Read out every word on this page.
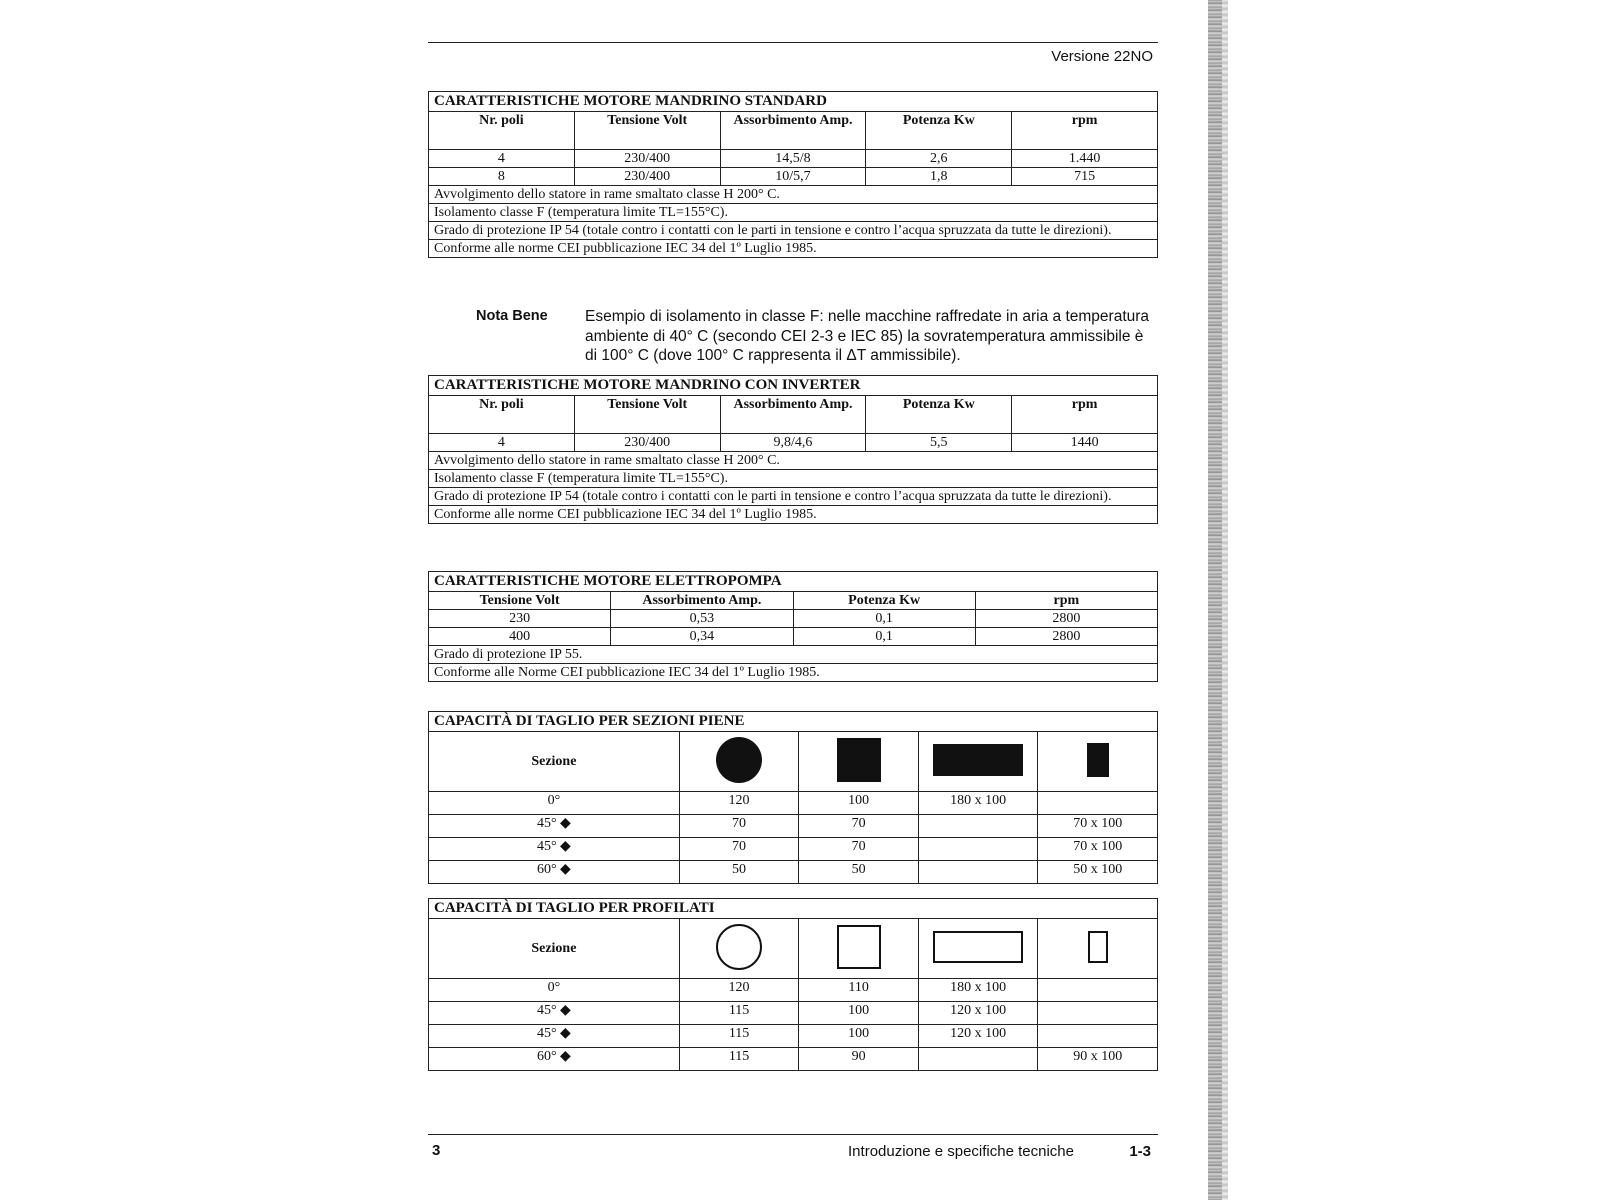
Versione 22NO
CARATTERISTICHE MOTORE MANDRINO STANDARD				
Nr. poli	Tensione Volt	Assorbimento Amp.	Potenza Kw	rpm
4	230/400	14,5/8	2,6	1.440
8	230/400	10/5,7	1,8	715
Avvolgimento dello statore in rame smaltato classe H 200° C.				
Isolamento classe F (temperatura limite TL=155°C).				
Grado di protezione IP 54 (totale contro i contatti con le parti in tensione e contro l’acqua spruzzata da tutte le direzioni).				
Conforme alle norme CEI pubblicazione IEC 34 del 1º Luglio 1985.				
Nota Bene Esempio di isolamento in classe F: nelle macchine raffredate in aria a temperatura ambiente di 40° C (secondo CEI 2-3 e IEC 85) la sovratemperatura ammissibile è di 100° C (dove 100° C rappresenta il ΔT ammissibile).
CARATTERISTICHE MOTORE MANDRINO CON INVERTER				
Nr. poli	Tensione Volt	Assorbimento Amp.	Potenza Kw	rpm
4	230/400	9,8/4,6	5,5	1440
Avvolgimento dello statore in rame smaltato classe H 200° C.				
Isolamento classe F (temperatura limite TL=155°C).				
Grado di protezione IP 54 (totale contro i contatti con le parti in tensione e contro l’acqua spruzzata da tutte le direzioni).				
Conforme alle norme CEI pubblicazione IEC 34 del 1º Luglio 1985.				
CARATTERISTICHE MOTORE ELETTROPOMPA			
Tensione Volt	Assorbimento Amp.	Potenza Kw	rpm
230	0,53	0,1	2800
400	0,34	0,1	2800
Grado di protezione IP 55.			
Conforme alle Norme CEI pubblicazione IEC 34 del 1º Luglio 1985.			
CAPACITÀ DI TAGLIO PER SEZIONI PIENE				
Sezione				
0°	120	100	180 x 100	
45° ◆	70	70		70 x 100
45° ◆	70	70		70 x 100
60° ◆	50	50		50 x 100
CAPACITÀ DI TAGLIO PER PROFILATI				
Sezione				
0°	120	110	180 x 100	
45° ◆	115	100	120 x 100	
45° ◆	115	100	120 x 100	
60° ◆	115	90		90 x 100
3	Introduzione e specifiche tecniche	1-3
